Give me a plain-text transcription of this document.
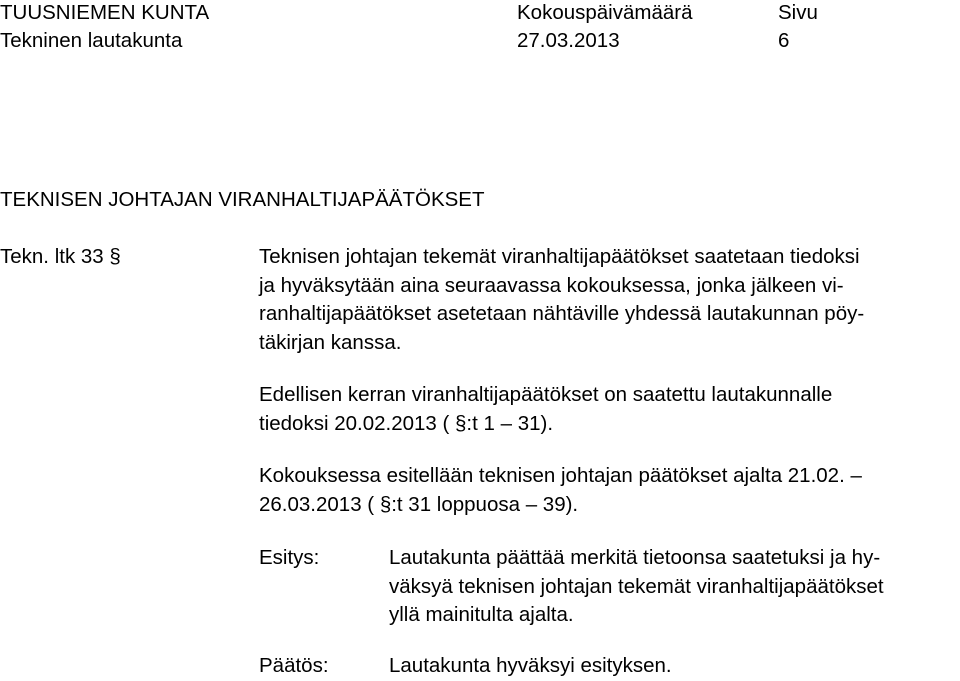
TUUSNIEMEN KUNTA	Kokouspäivämäärä	Sivu
Tekninen lautakunta	27.03.2013	6
TEKNISEN JOHTAJAN VIRANHALTIJAPÄÄTÖKSET
Tekn. ltk 33 §	Teknisen johtajan tekemät viranhaltijapäätökset saatetaan tiedoksi
ja hyväksytään aina seuraavassa kokouksessa, jonka jälkeen vi-
ranhaltijapäätökset asetetaan nähtäville yhdessä lautakunnan pöy-
täkirjan kanssa.
Edellisen kerran viranhaltijapäätökset on saatettu lautakunnalle
tiedoksi 20.02.2013 ( §:t 1 – 31).
Kokouksessa esitellään teknisen johtajan päätökset ajalta 21.02. –
26.03.2013 ( §:t 31 loppuosa – 39).
Esitys:	Lautakunta päättää merkitä tietoonsa saatetuksi ja hy-
väksyä teknisen johtajan tekemät viranhaltijapäätökset
yllä mainitulta ajalta.
Päätös:	Lautakunta hyväksyi esityksen.
